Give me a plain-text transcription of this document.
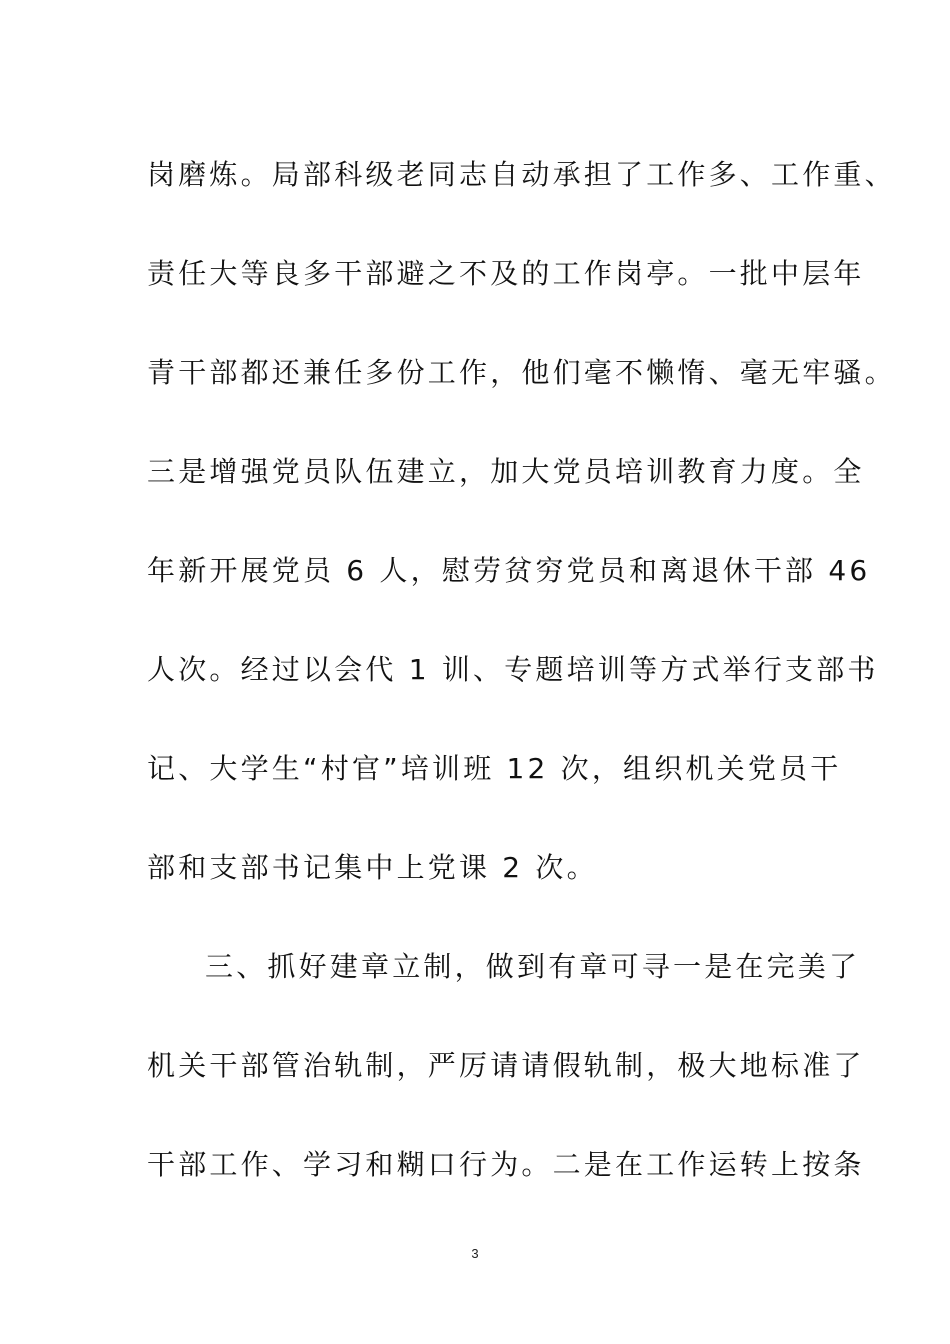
岗磨炼。局部科级老同志自动承担了工作多、工作重、
责任大等良多干部避之不及的工作岗亭。一批中层年
青干部都还兼任多份工作，他们毫不懒惰、毫无牢骚。
三是增强党员队伍建立，加大党员培训教育力度。全
年新开展党员 6 人，慰劳贫穷党员和离退休干部 46
人次。经过以会代 1 训、专题培训等方式举行支部书
记、大学生“村官”培训班 12 次，组织机关党员干
部和支部书记集中上党课 2 次。
三、抓好建章立制，做到有章可寻一是在完美了
机关干部管治轨制，严厉请请假轨制，极大地标准了
干部工作、学习和糊口行为。二是在工作运转上按条
3
